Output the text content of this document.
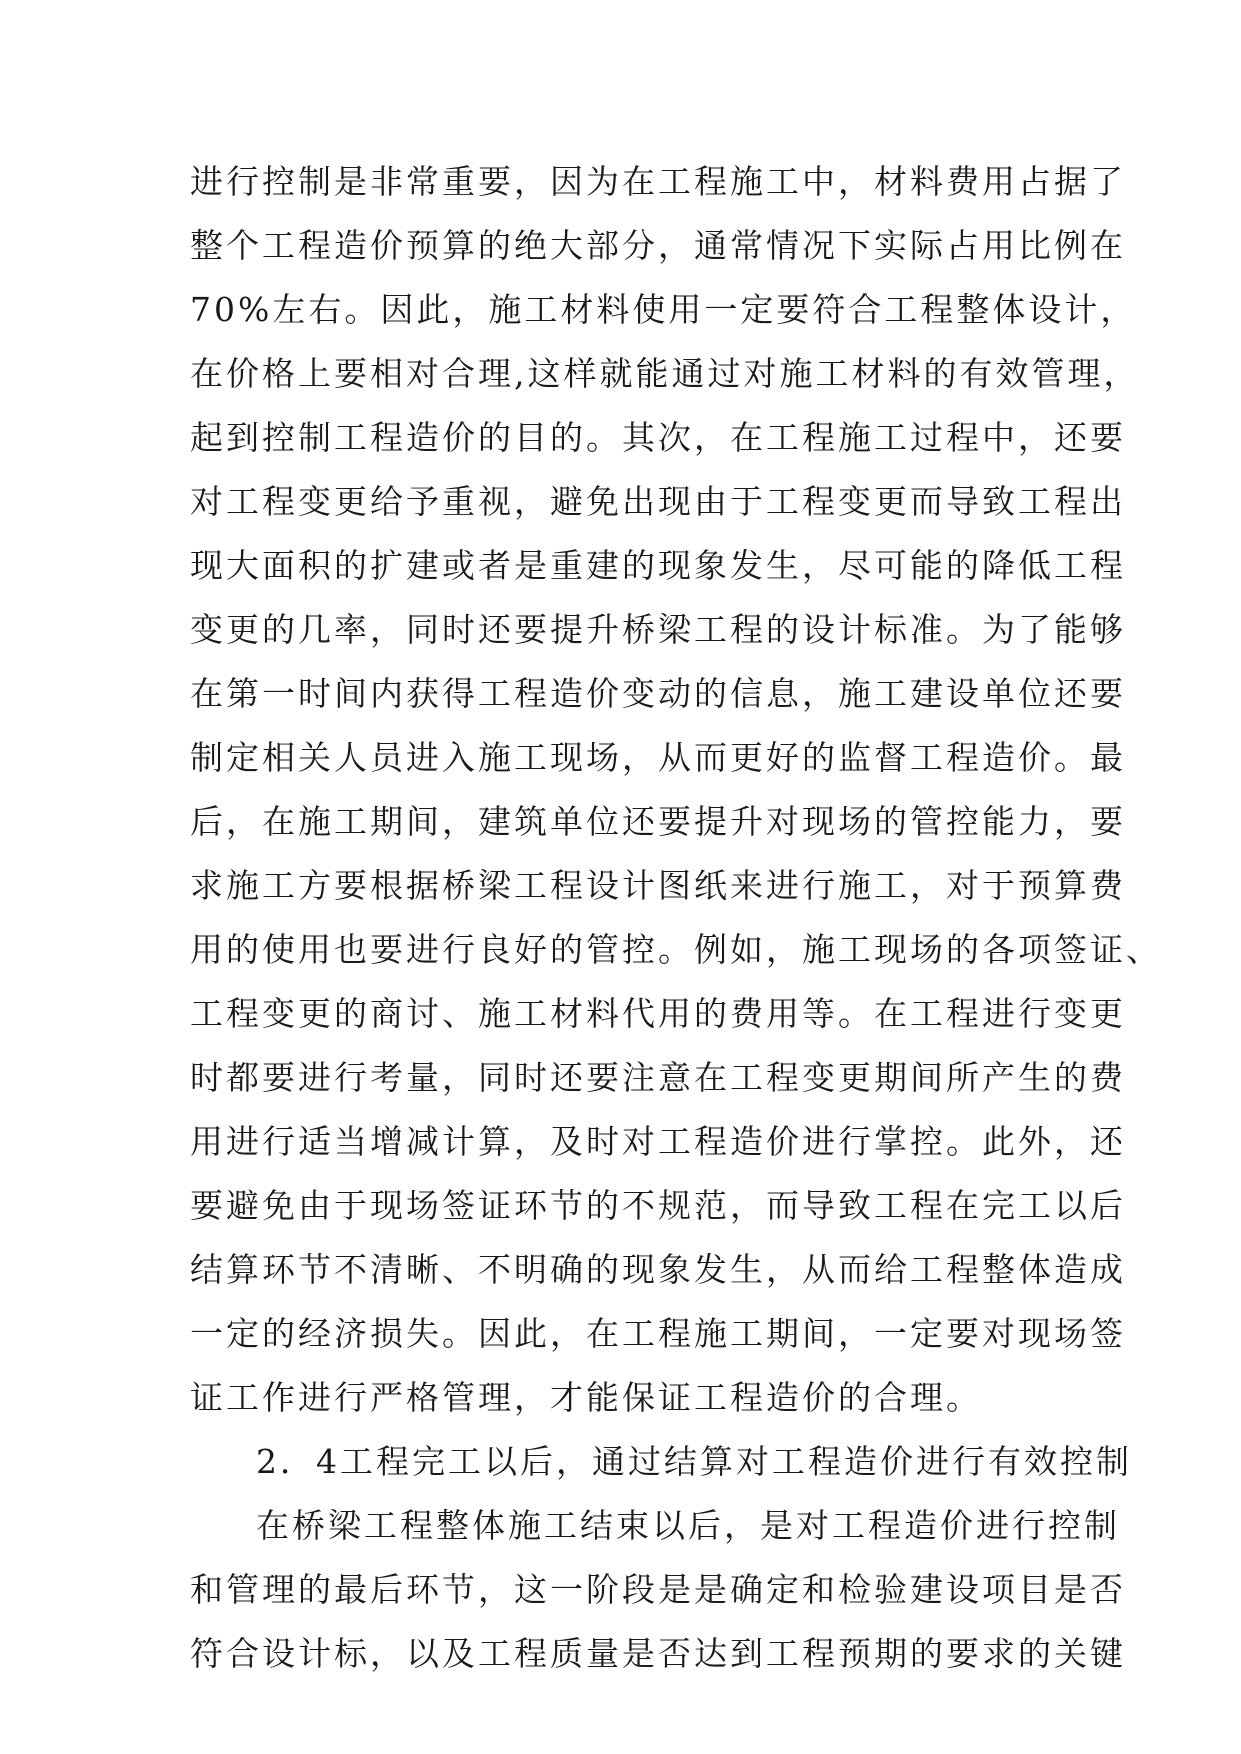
进 行 控 制 是 非 常 重 要 ， 因 为 在 工 程 施 工 中 ， 材 料 费 用 占 据 了
整 个 工 程 造 价 预 算 的 绝 大 部 分 ， 通 常 情 况 下 实 际 占 用 比 例 在
7 0 % 左 右 。 因 此 ， 施 工 材 料 使 用 一 定 要 符 合 工 程 整 体 设 计 ，
在 价 格 上 要 相 对 合 理 , 这 样 就 能 通 过 对 施 工 材 料 的 有 效 管 理 ，
起 到 控 制 工 程 造 价 的 目 的 。 其 次 ， 在 工 程 施 工 过 程 中 ， 还 要
对 工 程 变 更 给 予 重 视 ， 避 免 出 现 由 于 工 程 变 更 而 导 致 工 程 出
现 大 面 积 的 扩 建 或 者 是 重 建 的 现 象 发 生 ， 尽 可 能 的 降 低 工 程
变 更 的 几 率 ， 同 时 还 要 提 升 桥 梁 工 程 的 设 计 标 准 。 为 了 能 够
在 第 一 时 间 内 获 得 工 程 造 价 变 动 的 信 息 ， 施 工 建 设 单 位 还 要
制 定 相 关 人 员 进 入 施 工 现 场 ， 从 而 更 好 的 监 督 工 程 造 价 。 最
后 ， 在 施 工 期 间 ， 建 筑 单 位 还 要 提 升 对 现 场 的 管 控 能 力 ， 要
求 施 工 方 要 根 据 桥 梁 工 程 设 计 图 纸 来 进 行 施 工 ， 对 于 预 算 费
用 的 使 用 也 要 进 行 良 好 的 管 控 。 例 如 ， 施 工 现 场 的 各 项 签 证 、
工 程 变 更 的 商 讨 、 施 工 材 料 代 用 的 费 用 等 。 在 工 程 进 行 变 更
时 都 要 进 行 考 量 ， 同 时 还 要 注 意 在 工 程 变 更 期 间 所 产 生 的 费
用 进 行 适 当 增 减 计 算 ， 及 时 对 工 程 造 价 进 行 掌 控 。 此 外 ， 还
要 避 免 由 于 现 场 签 证 环 节 的 不 规 范 ， 而 导 致 工 程 在 完 工 以 后
结 算 环 节 不 清 晰 、 不 明 确 的 现 象 发 生 ， 从 而 给 工 程 整 体 造 成
一 定 的 经 济 损 失 。 因 此 ， 在 工 程 施 工 期 间 ， 一 定 要 对 现 场 签
证工作进行严格管理，才能保证工程造价的合理。
2 ． 4 工 程 完 工 以 后 ， 通 过 结 算 对 工 程 造 价 进 行 有 效 控 制
在 桥 梁 工 程 整 体 施 工 结 束 以 后 ， 是 对 工 程 造 价 进 行 控 制
和 管 理 的 最 后 环 节 ， 这 一 阶 段 是 是 确 定 和 检 验 建 设 项 目 是 否
符 合 设 计 标 ， 以 及 工 程 质 量 是 否 达 到 工 程 预 期 的 要 求 的 关 键
